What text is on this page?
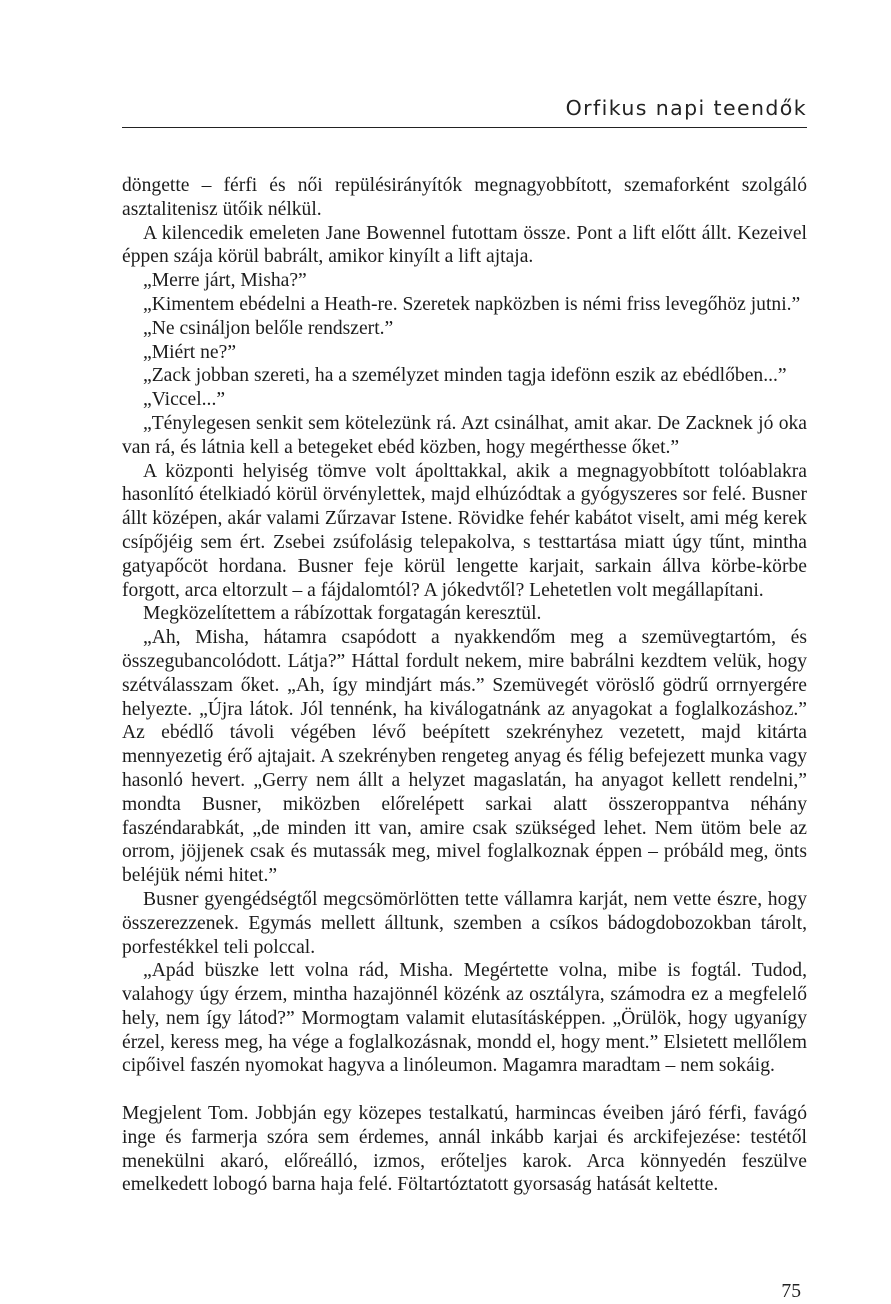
Orfikus napi teendők

döngette – férfi és női repülésirányítók megnagyobbított, szemaforként szolgáló asztalitenisz ütőik nélkül.

A kilencedik emeleten Jane Bowennel futottam össze. Pont a lift előtt állt. Kezeivel éppen szája körül babrált, amikor kinyílt a lift ajtaja.

„Merre járt, Misha?”

„Kimentem ebédelni a Heath-re. Szeretek napközben is némi friss levegőhöz jutni.”

„Ne csináljon belőle rendszert.”

„Miért ne?”

„Zack jobban szereti, ha a személyzet minden tagja idefönn eszik az ebédlőben...”

„Viccel...”

„Ténylegesen senkit sem kötelezünk rá. Azt csinálhat, amit akar. De Zacknek jó oka van rá, és látnia kell a betegeket ebéd közben, hogy megérthesse őket.”

A központi helyiség tömve volt ápolttakkal, akik a megnagyobbított tolóablakra hasonlító ételkiadó körül örvénylettek, majd elhúzódtak a gyógyszeres sor felé. Busner állt középen, akár valami Zűrzavar Istene. Rövidke fehér kabátot viselt, ami még kerek csípőjéig sem ért. Zsebei zsúfolásig telepakolva, s testtartása miatt úgy tűnt, mintha gatyapőcöt hordana. Busner feje körül lengette karjait, sarkain állva körbe-körbe forgott, arca eltorzult – a fájdalomtól? A jókedvtől? Lehetetlen volt megállapítani.

Megközelítettem a rábízottak forgatagán keresztül.

„Ah, Misha, hátamra csapódott a nyakkendőm meg a szemüvegtartóm, és összegubancolódott. Látja?” Háttal fordult nekem, mire babrálni kezdtem velük, hogy szétválasszam őket. „Ah, így mindjárt más.” Szemüvegét vöröslő gödrű orrnyergére helyezte. „Újra látok. Jól tennénk, ha kiválogatnánk az anyagokat a foglalkozáshoz.” Az ebédlő távoli végében lévő beépített szekrényhez vezetett, majd kitárta mennyezetig érő ajtajait. A szekrényben rengeteg anyag és félig befejezett munka vagy hasonló hevert. „Gerry nem állt a helyzet magaslatán, ha anyagot kellett rendelni,” mondta Busner, miközben előrelépett sarkai alatt összeroppantva néhány faszéndarabkát, „de minden itt van, amire csak szükséged lehet. Nem ütöm bele az orrom, jöjjenek csak és mutassák meg, mivel foglalkoznak éppen – próbáld meg, önts beléjük némi hitet.”

Busner gyengédségtől megcsömörlötten tette vállamra karját, nem vette észre, hogy összerezzenek. Egymás mellett álltunk, szemben a csíkos bádogdobozokban tárolt, porfestékkel teli polccal.

„Apád büszke lett volna rád, Misha. Megértette volna, mibe is fogtál. Tudod, valahogy úgy érzem, mintha hazajönnél közénk az osztályra, számodra ez a megfelelő hely, nem így látod?” Mormogtam valamit elutasításképpen. „Örülök, hogy ugyanígy érzel, keress meg, ha vége a foglalkozásnak, mondd el, hogy ment.” Elsietett mellőlem cipőivel faszén nyomokat hagyva a linóleumon. Magamra maradtam – nem sokáig.

Megjelent Tom. Jobbján egy közepes testalkatú, harmincas éveiben járó férfi, favágó inge és farmerja szóra sem érdemes, annál inkább karjai és arckifejezése: testétől menekülni akaró, előreálló, izmos, erőteljes karok. Arca könnyedén feszülve emelkedett lobogó barna haja felé. Föltartóztatott gyorsaság hatását keltette.

75
